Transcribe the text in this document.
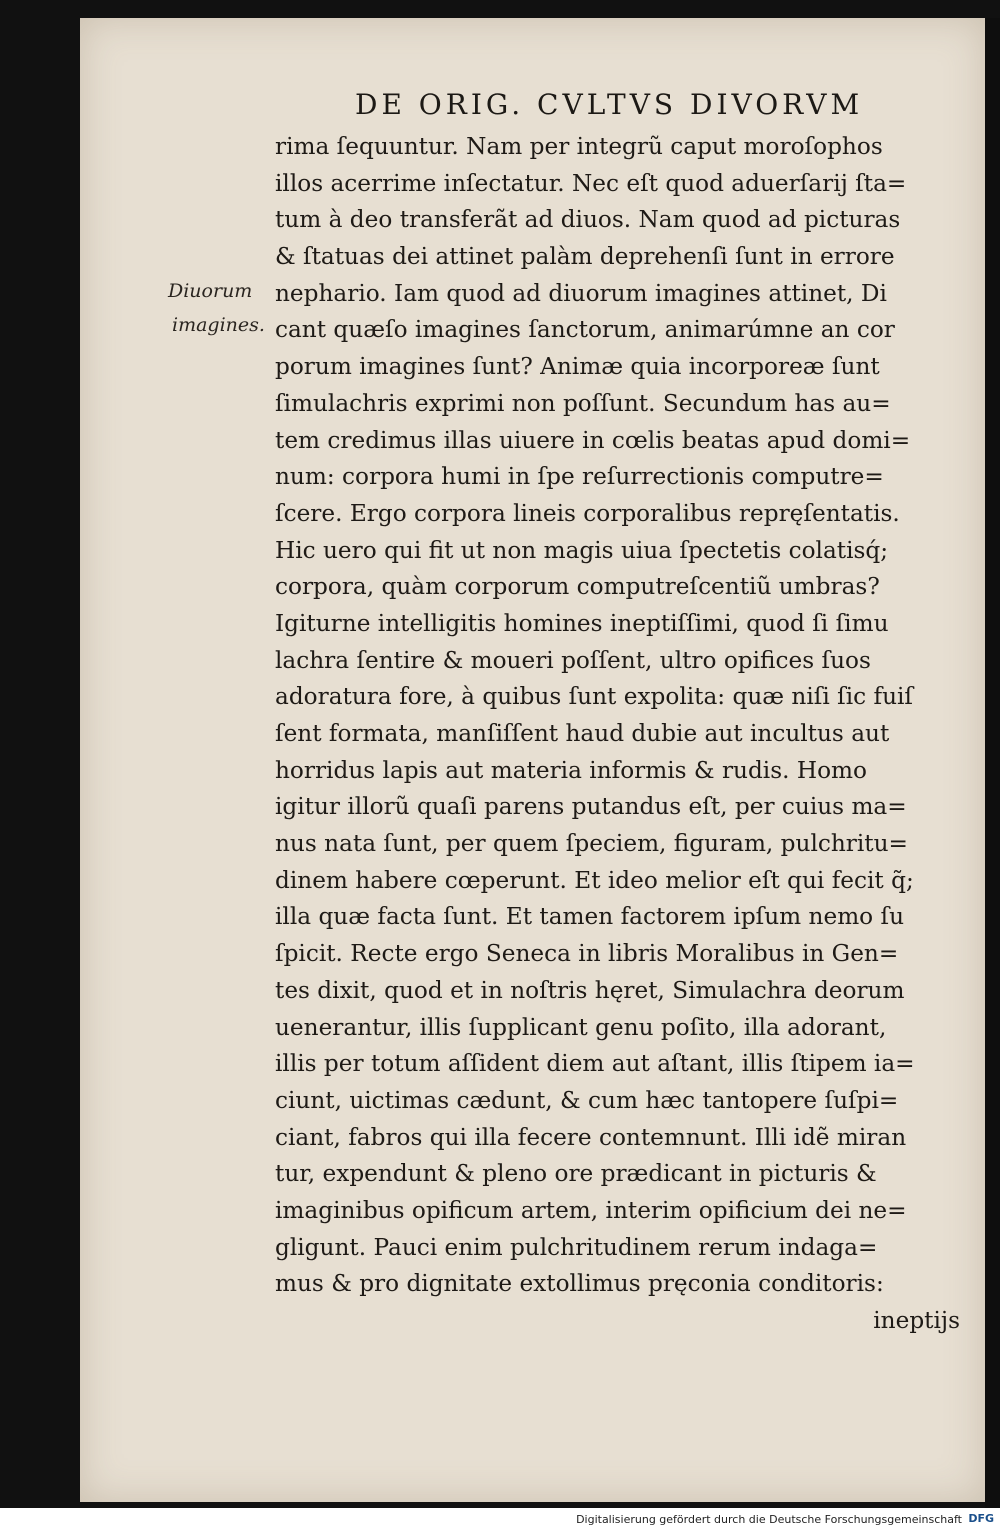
DE ORIG. CVLTVS DIVORVM
Diuorum
imagines.
rima ſequuntur. Nam per integrũ caput moroſophos
illos acerrime inſectatur. Nec eſt quod aduerſarij ſta=
tum à deo transferãt ad diuos. Nam quod ad picturas
& ſtatuas dei attinet palàm deprehenſi ſunt in errore
nephario. Iam quod ad diuorum imagines attinet, Di
cant quæſo imagines ſanctorum, animarúmne an cor
porum imagines ſunt? Animæ quia incorporeæ ſunt
ſimulachris exprimi non poſſunt. Secundum has au=
tem credimus illas uiuere in cœlis beatas apud domi=
num: corpora humi in ſpe reſurrectionis computre=
ſcere. Ergo corpora lineis corporalibus repręſentatis.
Hic uero qui fit ut non magis uiua ſpectetis colatisq́;
corpora, quàm corporum computreſcentiũ umbras?
Igiturne intelligitis homines ineptiſſimi, quod ſi ſimu
lachra ſentire & moueri poſſent, ultro opifices ſuos
adoratura fore, à quibus ſunt expolita: quæ niſi ſic fuiſ
ſent formata, manſiſſent haud dubie aut incultus aut
horridus lapis aut materia informis & rudis. Homo
igitur illorũ quaſi parens putandus eſt, per cuius ma=
nus nata ſunt, per quem ſpeciem, figuram, pulchritu=
dinem habere cœperunt. Et ideo melior eſt qui fecit q̃;
illa quæ facta ſunt. Et tamen factorem ipſum nemo ſu
ſpicit. Recte ergo Seneca in libris Moralibus in Gen=
tes dixit, quod et in noſtris hęret, Simulachra deorum
uenerantur, illis ſupplicant genu poſito, illa adorant,
illis per totum aſſident diem aut aſtant, illis ſtipem ia=
ciunt, uictimas cædunt, & cum hæc tantopere ſuſpi=
ciant, fabros qui illa fecere contemnunt. Illi idẽ miran
tur, expendunt & pleno ore prædicant in picturis &
imaginibus opificum artem, interim opificium dei ne=
gligunt. Pauci enim pulchritudinem rerum indaga=
mus & pro dignitate extollimus pręconia conditoris:
ineptijs
Digitalisierung gefördert durch die Deutsche Forschungsgemeinschaft DFG
